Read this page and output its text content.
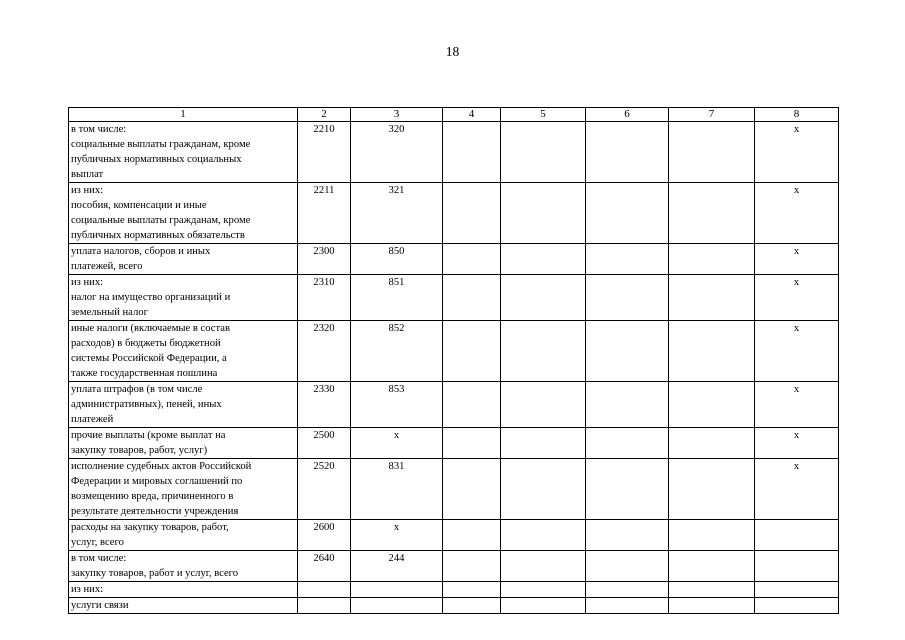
18
1	2	3	4	5	6	7	8

в том числе:
социальные выплаты гражданам, кроме
публичных нормативных социальных
выплат	2210	320					x

из них:
пособия, компенсации и иные
социальные выплаты гражданам, кроме
публичных нормативных обязательств	2211	321					x

уплата налогов, сборов и иных
платежей, всего	2300	850					x

из них:
налог на имущество организаций и
земельный налог	2310	851					x

иные налоги (включаемые в состав
расходов) в бюджеты бюджетной
системы Российской Федерации, а
также государственная пошлина	2320	852					x

уплата штрафов (в том числе
административных), пеней, иных
платежей	2330	853					x

прочие выплаты (кроме выплат на
закупку товаров, работ, услуг)	2500	x					x

исполнение судебных актов Российской
Федерации и мировых соглашений по
возмещению вреда, причиненного в
результате деятельности учреждения	2520	831					x

расходы на закупку товаров, работ,
услуг, всего	2600	x					

в том числе:
закупку товаров, работ и услуг, всего	2640	244					

из них:							

услуги связи							
